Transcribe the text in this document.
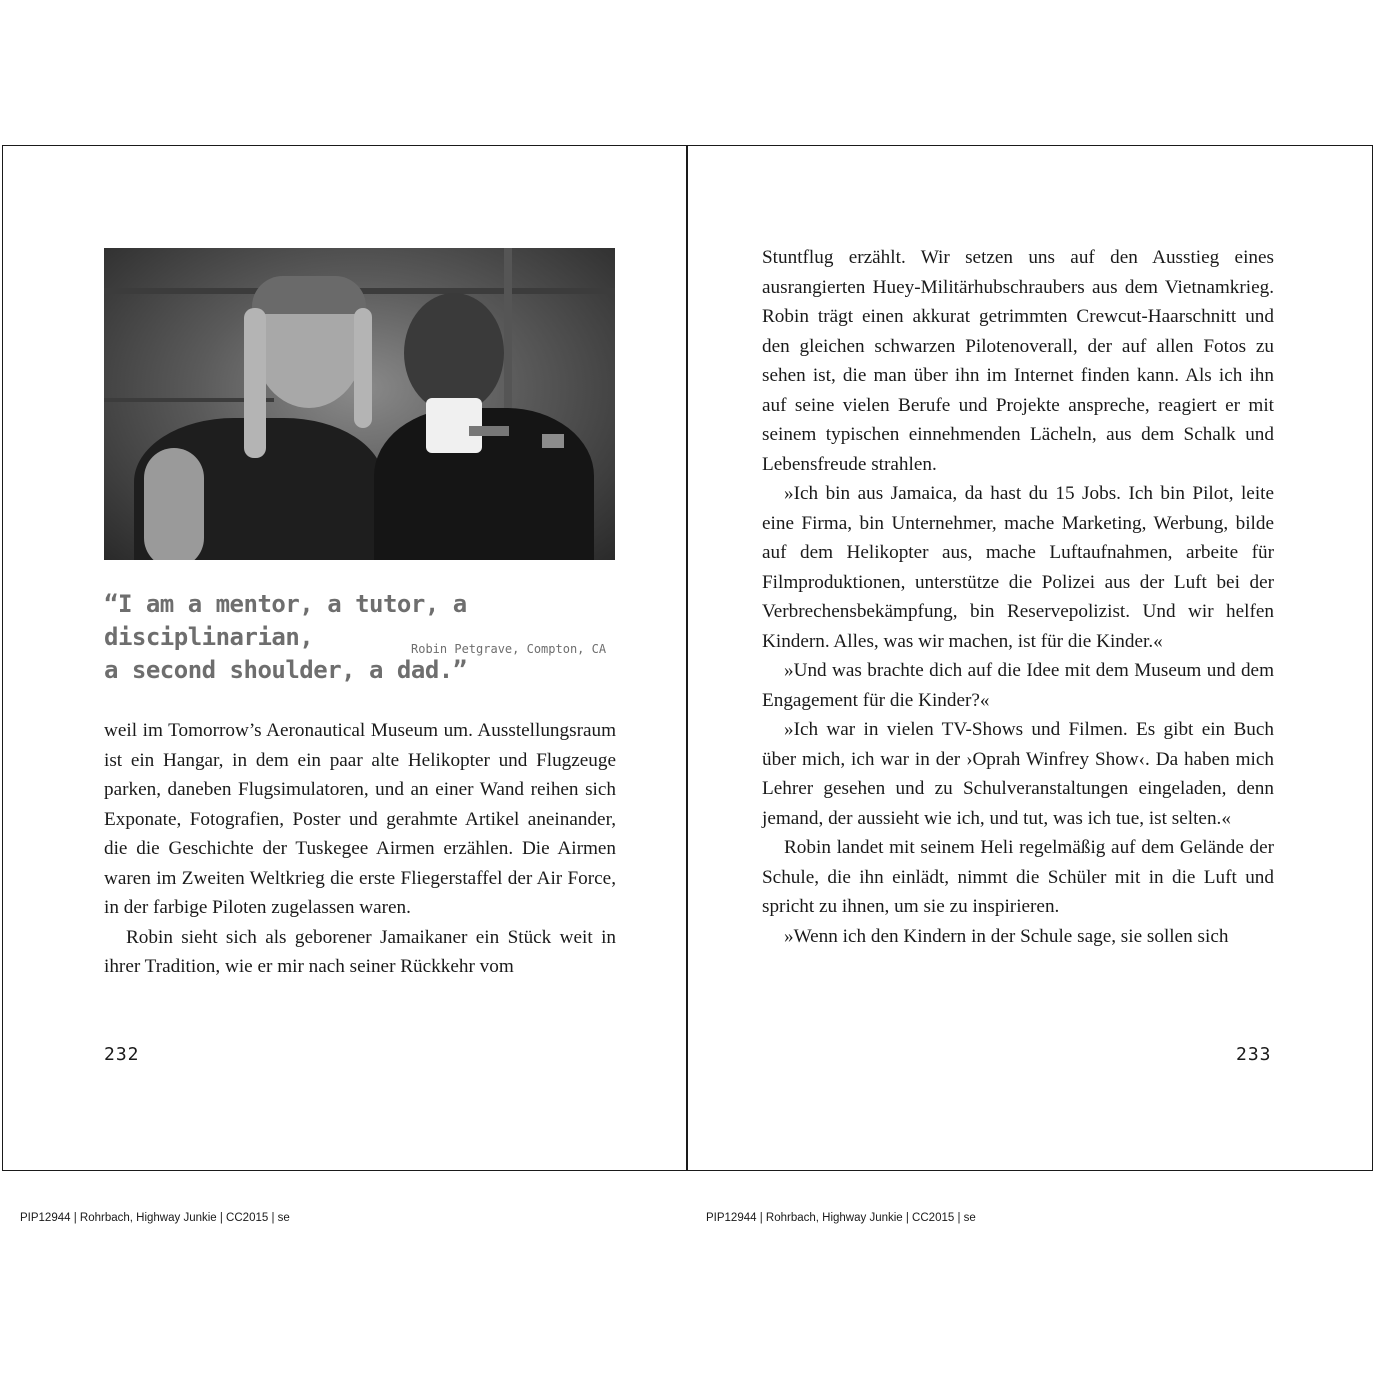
“I am a mentor, a tutor, a disciplinarian,
a second shoulder, a dad.”
Robin Petgrave, Compton, CA

weil im Tomorrow’s Aeronautical Museum um. Ausstellungsraum ist ein Hangar, in dem ein paar alte Helikopter und Flugzeuge parken, daneben Flugsimulatoren, und an einer Wand reihen sich Exponate, Fotografien, Poster und gerahmte Artikel aneinander, die die Geschichte der Tuskegee Airmen erzählen. Die Airmen waren im Zweiten Weltkrieg die erste Fliegerstaffel der Air Force, in der farbige Piloten zugelassen waren.

Robin sieht sich als geborener Jamaikaner ein Stück weit in ihrer Tradition, wie er mir nach seiner Rückkehr vom

Stuntflug erzählt. Wir setzen uns auf den Ausstieg eines ausrangierten Huey-Militärhubschraubers aus dem Vietnamkrieg. Robin trägt einen akkurat getrimmten Crewcut-Haarschnitt und den gleichen schwarzen Pilotenoverall, der auf allen Fotos zu sehen ist, die man über ihn im Internet finden kann. Als ich ihn auf seine vielen Berufe und Projekte anspreche, reagiert er mit seinem typischen einnehmenden Lächeln, aus dem Schalk und Lebensfreude strahlen.

»Ich bin aus Jamaica, da hast du 15 Jobs. Ich bin Pilot, leite eine Firma, bin Unternehmer, mache Marketing, Werbung, bilde auf dem Helikopter aus, mache Luftaufnahmen, arbeite für Filmproduktionen, unterstütze die Polizei aus der Luft bei der Verbrechensbekämpfung, bin Reservepolizist. Und wir helfen Kindern. Alles, was wir machen, ist für die Kinder.«

»Und was brachte dich auf die Idee mit dem Museum und dem Engagement für die Kinder?«

»Ich war in vielen TV-Shows und Filmen. Es gibt ein Buch über mich, ich war in der ›Oprah Winfrey Show‹. Da haben mich Lehrer gesehen und zu Schulveranstaltungen eingeladen, denn jemand, der aussieht wie ich, und tut, was ich tue, ist selten.«

Robin landet mit seinem Heli regelmäßig auf dem Gelände der Schule, die ihn einlädt, nimmt die Schüler mit in die Luft und spricht zu ihnen, um sie zu inspirieren.

»Wenn ich den Kindern in der Schule sage, sie sollen sich

232	233
PIP12944 | Rohrbach, Highway Junkie | CC2015 | se	PIP12944 | Rohrbach, Highway Junkie | CC2015 | se
